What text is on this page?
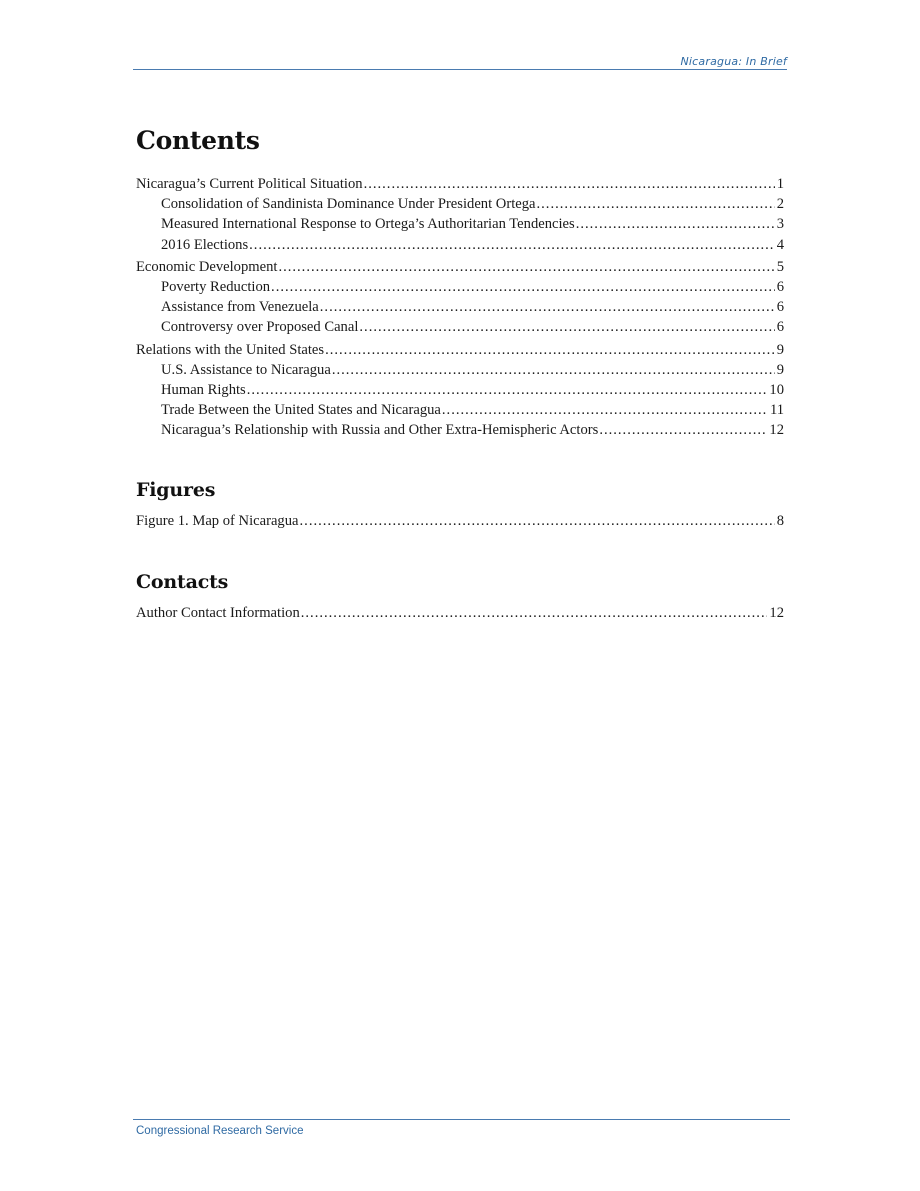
Nicaragua: In Brief
Contents
Nicaragua’s Current Political Situation .....	1
Consolidation of Sandinista Dominance Under President Ortega .....	2
Measured International Response to Ortega’s Authoritarian Tendencies .....	3
2016 Elections .....	4
Economic Development .....	5
Poverty Reduction .....	6
Assistance from Venezuela .....	6
Controversy over Proposed Canal .....	6
Relations with the United States .....	9
U.S. Assistance to Nicaragua .....	9
Human Rights .....	10
Trade Between the United States and Nicaragua .....	11
Nicaragua’s Relationship with Russia and Other Extra-Hemispheric Actors .....	12
Figures
Figure 1. Map of Nicaragua .....	8
Contacts
Author Contact Information .....	12
Congressional Research Service
